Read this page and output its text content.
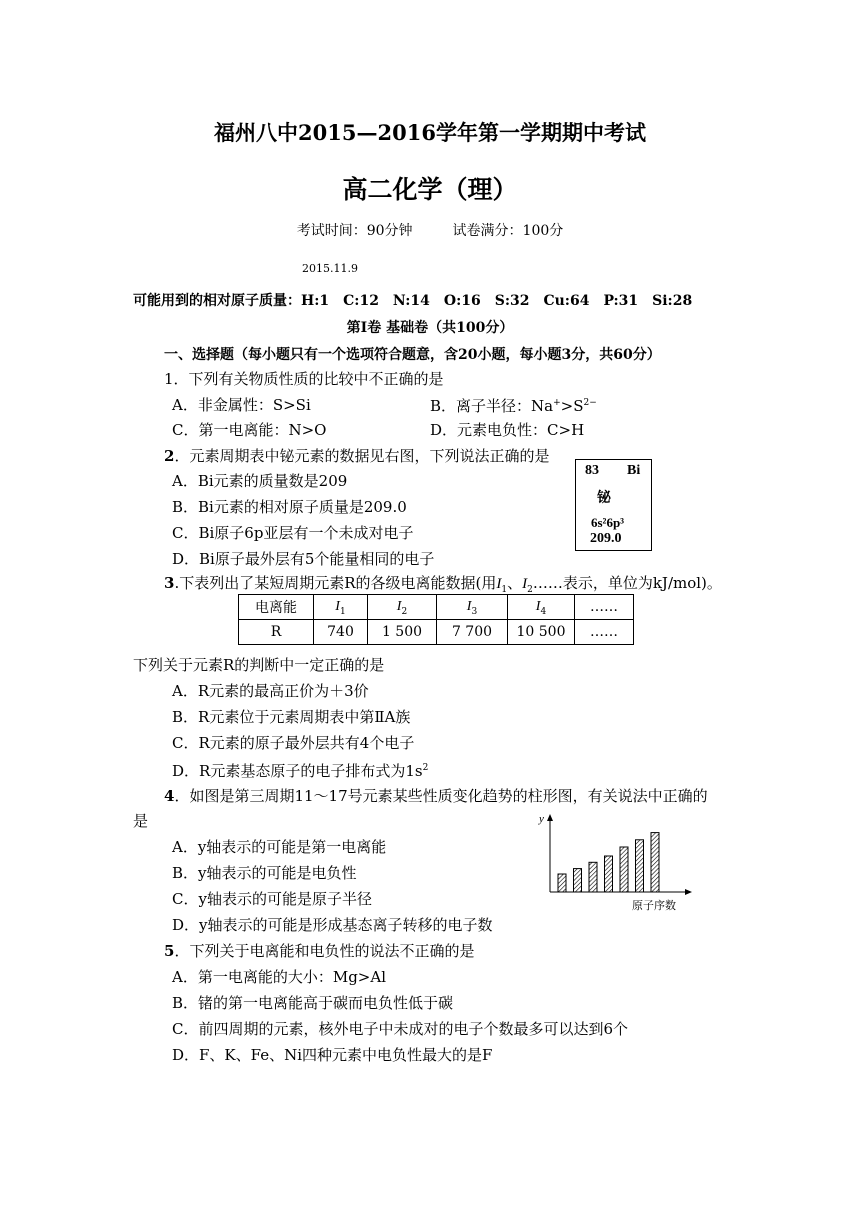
福州八中2015—2016学年第一学期期中考试
高二化学（理）
考试时间：90分钟	试卷满分：100分
2015.11.9
可能用到的相对原子质量：H:1　C:12　N:14　O:16　S:32　Cu:64　P:31　Si:28
第Ⅰ卷 基础卷（共100分）
一、选择题（每小题只有一个选项符合题意，含20小题，每小题3分，共60分）
1．下列有关物质性质的比较中不正确的是
A．非金属性：S>Si	B．离子半径：$Na^+>S^{2-}$
C．第一电离能：N>O	D．元素电负性：C>H
2．元素周期表中铋元素的数据见右图，下列说法正确的是
A．Bi元素的质量数是209
B．Bi元素的相对原子质量是209.0
C．Bi原子6p亚层有一个未成对电子
D．Bi原子最外层有5个能量相同的电子
83 Bi
铋
6s²6p³
209.0
3.下表列出了某短周期元素R的各级电离能数据(用$I_1$、$I_2\dots\dots$表示，单位为kJ/mol)。
电离能	$I_1$	$I_2$	$I_3$	$I_4$	……
R	740	1 500	7 700	10 500	……
下列关于元素R的判断中一定正确的是
A．R元素的最高正价为＋3价
B．R元素位于元素周期表中第ⅡA族
C．R元素的原子最外层共有4个电子
D．R元素基态原子的电子排布式为$1s^2$
4．如图是第三周期11～17号元素某些性质变化趋势的柱形图，有关说法中正确的
是
A．y轴表示的可能是第一电离能
B．y轴表示的可能是电负性
C．y轴表示的可能是原子半径
D．y轴表示的可能是形成基态离子转移的电子数
y
原子序数
5．下列关于电离能和电负性的说法不正确的是
A．第一电离能的大小：Mg>Al
B．锗的第一电离能高于碳而电负性低于碳
C．前四周期的元素，核外电子中未成对的电子个数最多可以达到6个
D．F、K、Fe、Ni四种元素中电负性最大的是F
